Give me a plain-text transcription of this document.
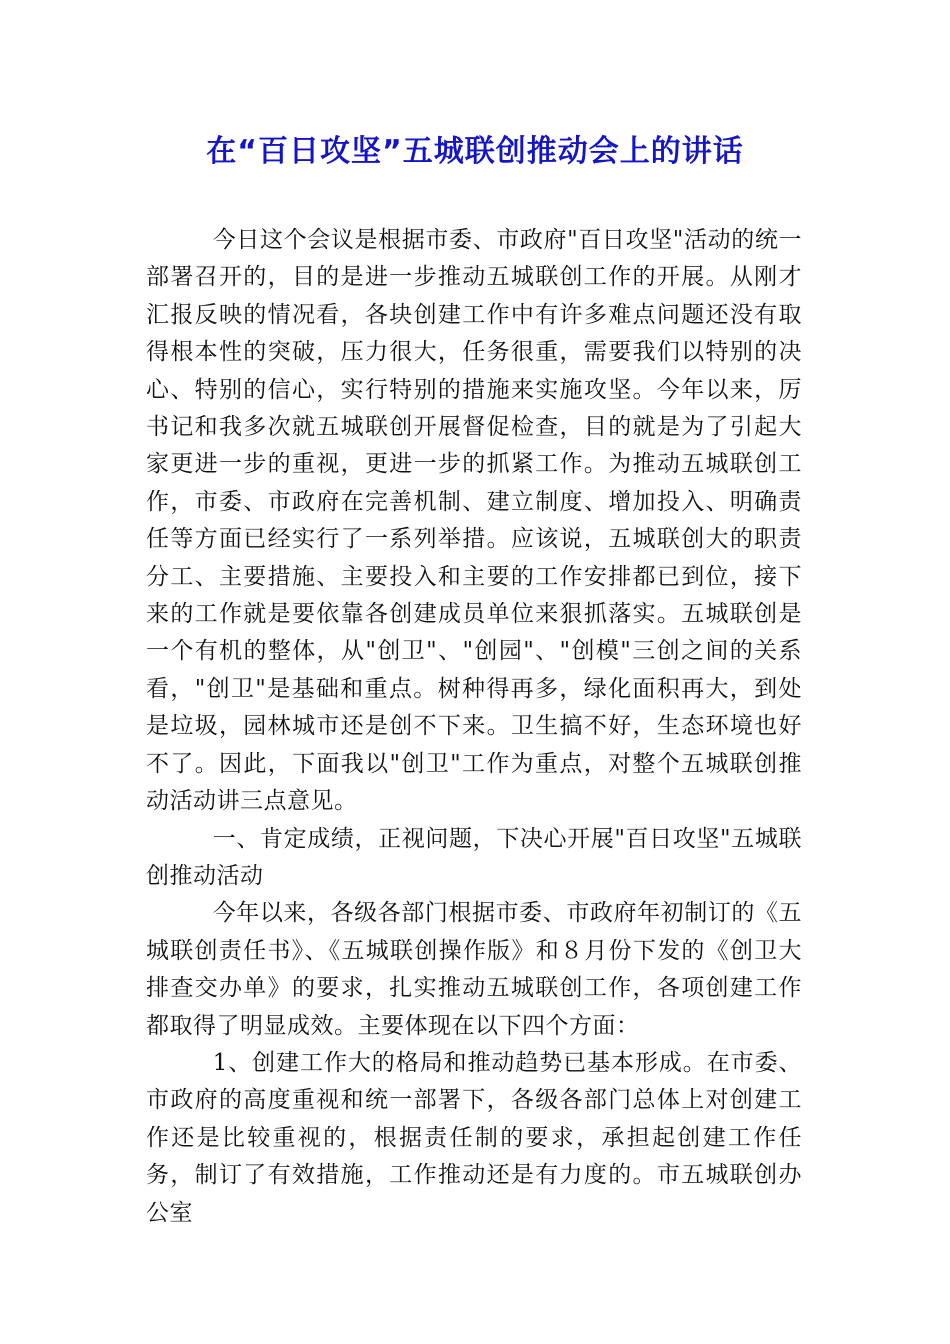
在“百日攻坚”五城联创推动会上的讲话

今日这个会议是根据市委、市政府"百日攻坚"活动的统一部署召开的，目的是进一步推动五城联创工作的开展。从刚才汇报反映的情况看，各块创建工作中有许多难点问题还没有取得根本性的突破，压力很大，任务很重，需要我们以特别的决心、特别的信心，实行特别的措施来实施攻坚。今年以来，厉书记和我多次就五城联创开展督促检查，目的就是为了引起大家更进一步的重视，更进一步的抓紧工作。为推动五城联创工作，市委、市政府在完善机制、建立制度、增加投入、明确责任等方面已经实行了一系列举措。应该说，五城联创大的职责分工、主要措施、主要投入和主要的工作安排都已到位，接下来的工作就是要依靠各创建成员单位来狠抓落实。五城联创是一个有机的整体，从"创卫"、"创园"、"创模"三创之间的关系看，"创卫"是基础和重点。树种得再多，绿化面积再大，到处是垃圾，园林城市还是创不下来。卫生搞不好，生态环境也好不了。因此，下面我以"创卫"工作为重点，对整个五城联创推动活动讲三点意见。

一、肯定成绩，正视问题，下决心开展"百日攻坚"五城联创推动活动

今年以来，各级各部门根据市委、市政府年初制订的《五城联创责任书》、《五城联创操作版》和８月份下发的《创卫大排查交办单》的要求，扎实推动五城联创工作，各项创建工作都取得了明显成效。主要体现在以下四个方面：

1、创建工作大的格局和推动趋势已基本形成。在市委、市政府的高度重视和统一部署下，各级各部门总体上对创建工作还是比较重视的，根据责任制的要求，承担起创建工作任务，制订了有效措施，工作推动还是有力度的。市五城联创办公室
